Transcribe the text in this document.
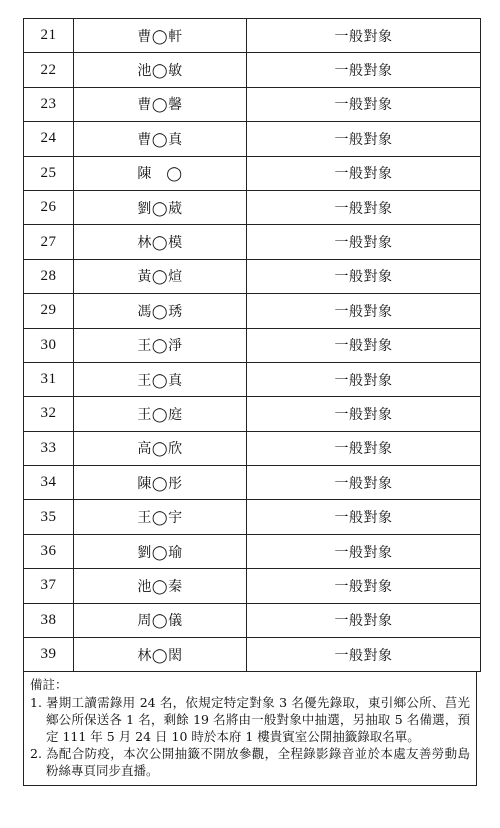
21	曹◯軒	一般對象
22	池◯敏	一般對象
23	曹◯馨	一般對象
24	曹◯真	一般對象
25	陳　◯	一般對象
26	劉◯葳	一般對象
27	林◯模	一般對象
28	黃◯煊	一般對象
29	馮◯琇	一般對象
30	王◯淨	一般對象
31	王◯真	一般對象
32	王◯庭	一般對象
33	高◯欣	一般對象
34	陳◯彤	一般對象
35	王◯宇	一般對象
36	劉◯瑜	一般對象
37	池◯秦	一般對象
38	周◯儀	一般對象
39	林◯閎	一般對象
備註：
1. 暑期工讀需錄用 24 名，依規定特定對象 3 名優先錄取，東引鄉公所、莒光鄉公所保送各 1 名，剩餘 19 名將由一般對象中抽選，另抽取 5 名備選，預定 111 年 5 月 24 日 10 時於本府 1 樓貴賓室公開抽籤錄取名單。
2. 為配合防疫，本次公開抽籤不開放參觀，全程錄影錄音並於本處友善勞動島粉絲專頁同步直播。
